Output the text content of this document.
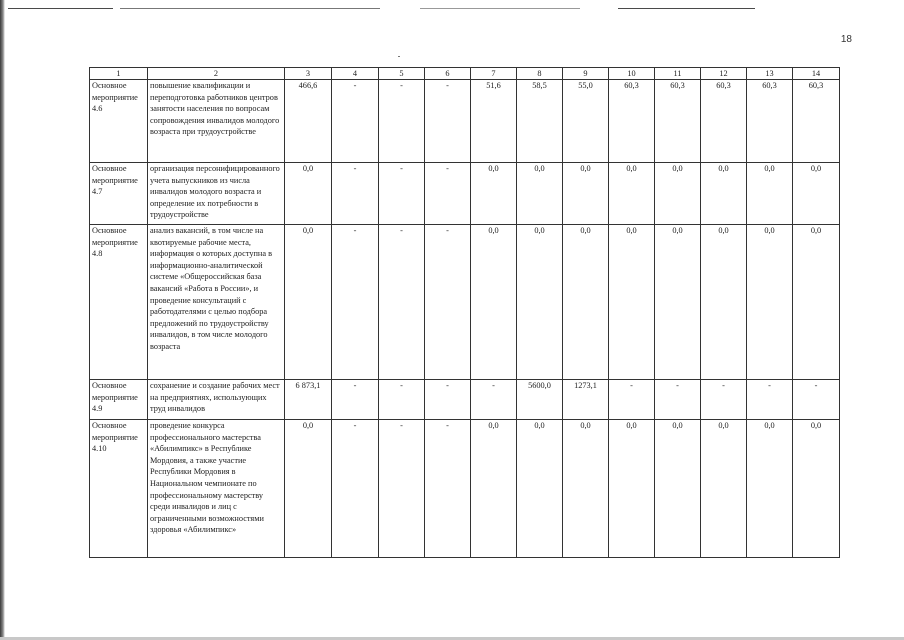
18
1	2	3	4	5	6	7	8	9	10	11	12	13	14
Основное мероприятие 4.6	повышение квалификации и переподготовка работников центров занятости населения по вопросам сопровождения инвалидов молодого возраста при трудоустройстве	466,6	-	-	-	51,6	58,5	55,0	60,3	60,3	60,3	60,3	60,3
Основное мероприятие 4.7	организация персонифицированного учета выпускников из числа инвалидов молодого возраста и определение их потребности в трудоустройстве	0,0	-	-	-	0,0	0,0	0,0	0,0	0,0	0,0	0,0	0,0
Основное мероприятие 4.8	анализ вакансий, в том числе на квотируемые рабочие места, информация о которых доступна в информационно-аналитической системе «Общероссийская база вакансий «Работа в России», и проведение консультаций с работодателями с целью подбора предложений по трудоустройству инвалидов, в том числе молодого возраста	0,0	-	-	-	0,0	0,0	0,0	0,0	0,0	0,0	0,0	0,0
Основное мероприятие 4.9	сохранение и создание рабочих мест на предприятиях, использующих труд инвалидов	6 873,1	-	-	-	-	5600,0	1273,1	-	-	-	-	-
Основное мероприятие 4.10	проведение конкурса профессионального мастерства «Абилимпикс» в Республике Мордовия, а также участие Республики Мордовия в Национальном чемпионате по профессиональному мастерству среди инвалидов и лиц с ограниченными возможностями здоровья «Абилимпикс»	0,0	-	-	-	0,0	0,0	0,0	0,0	0,0	0,0	0,0	0,0
